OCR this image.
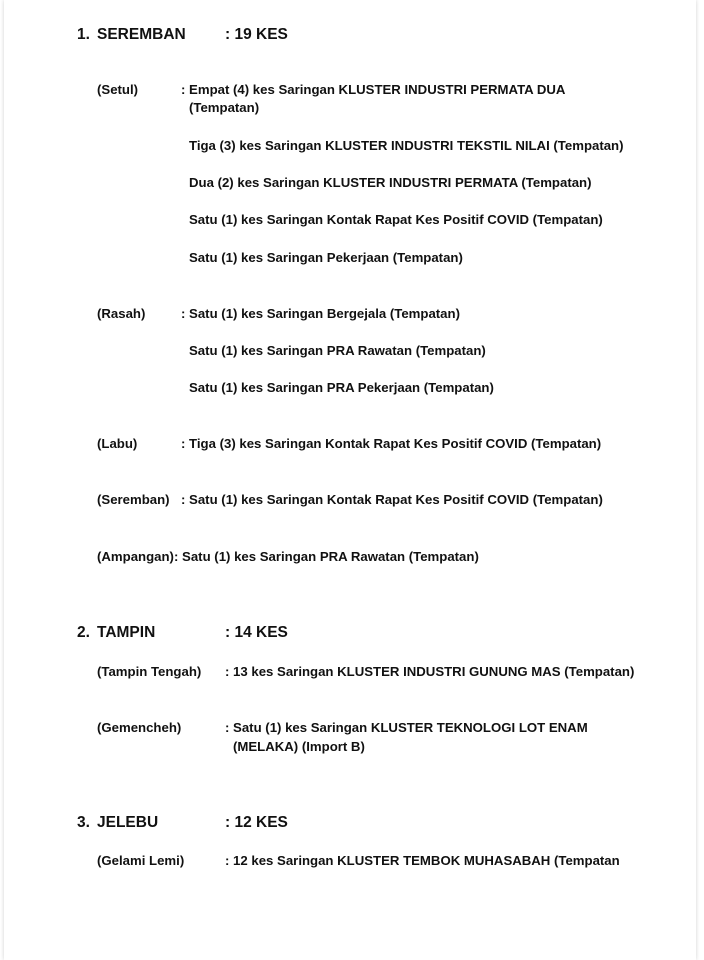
1. SEREMBAN	: 19 KES
(Setul)	: Empat (4) kes Saringan KLUSTER INDUSTRI PERMATA DUA
(Tempatan)
Tiga (3) kes Saringan KLUSTER INDUSTRI TEKSTIL NILAI (Tempatan)
Dua (2) kes Saringan KLUSTER INDUSTRI PERMATA (Tempatan)
Satu (1) kes Saringan Kontak Rapat Kes Positif COVID (Tempatan)
Satu (1) kes Saringan Pekerjaan (Tempatan)
(Rasah)	: Satu (1) kes Saringan Bergejala (Tempatan)
Satu (1) kes Saringan PRA Rawatan (Tempatan)
Satu (1) kes Saringan PRA Pekerjaan (Tempatan)
(Labu)	: Tiga (3) kes Saringan Kontak Rapat Kes Positif COVID (Tempatan)
(Seremban) : Satu (1) kes Saringan Kontak Rapat Kes Positif COVID (Tempatan)
(Ampangan) : Satu (1) kes Saringan PRA Rawatan (Tempatan)
2. TAMPIN	: 14 KES
(Tampin Tengah) : 13 kes Saringan KLUSTER INDUSTRI GUNUNG MAS (Tempatan)
(Gemencheh)	: Satu (1) kes Saringan KLUSTER TEKNOLOGI LOT ENAM
(MELAKA) (Import B)
3. JELEBU	: 12 KES
(Gelami Lemi)	: 12 kes Saringan KLUSTER TEMBOK MUHASABAH (Tempatan
